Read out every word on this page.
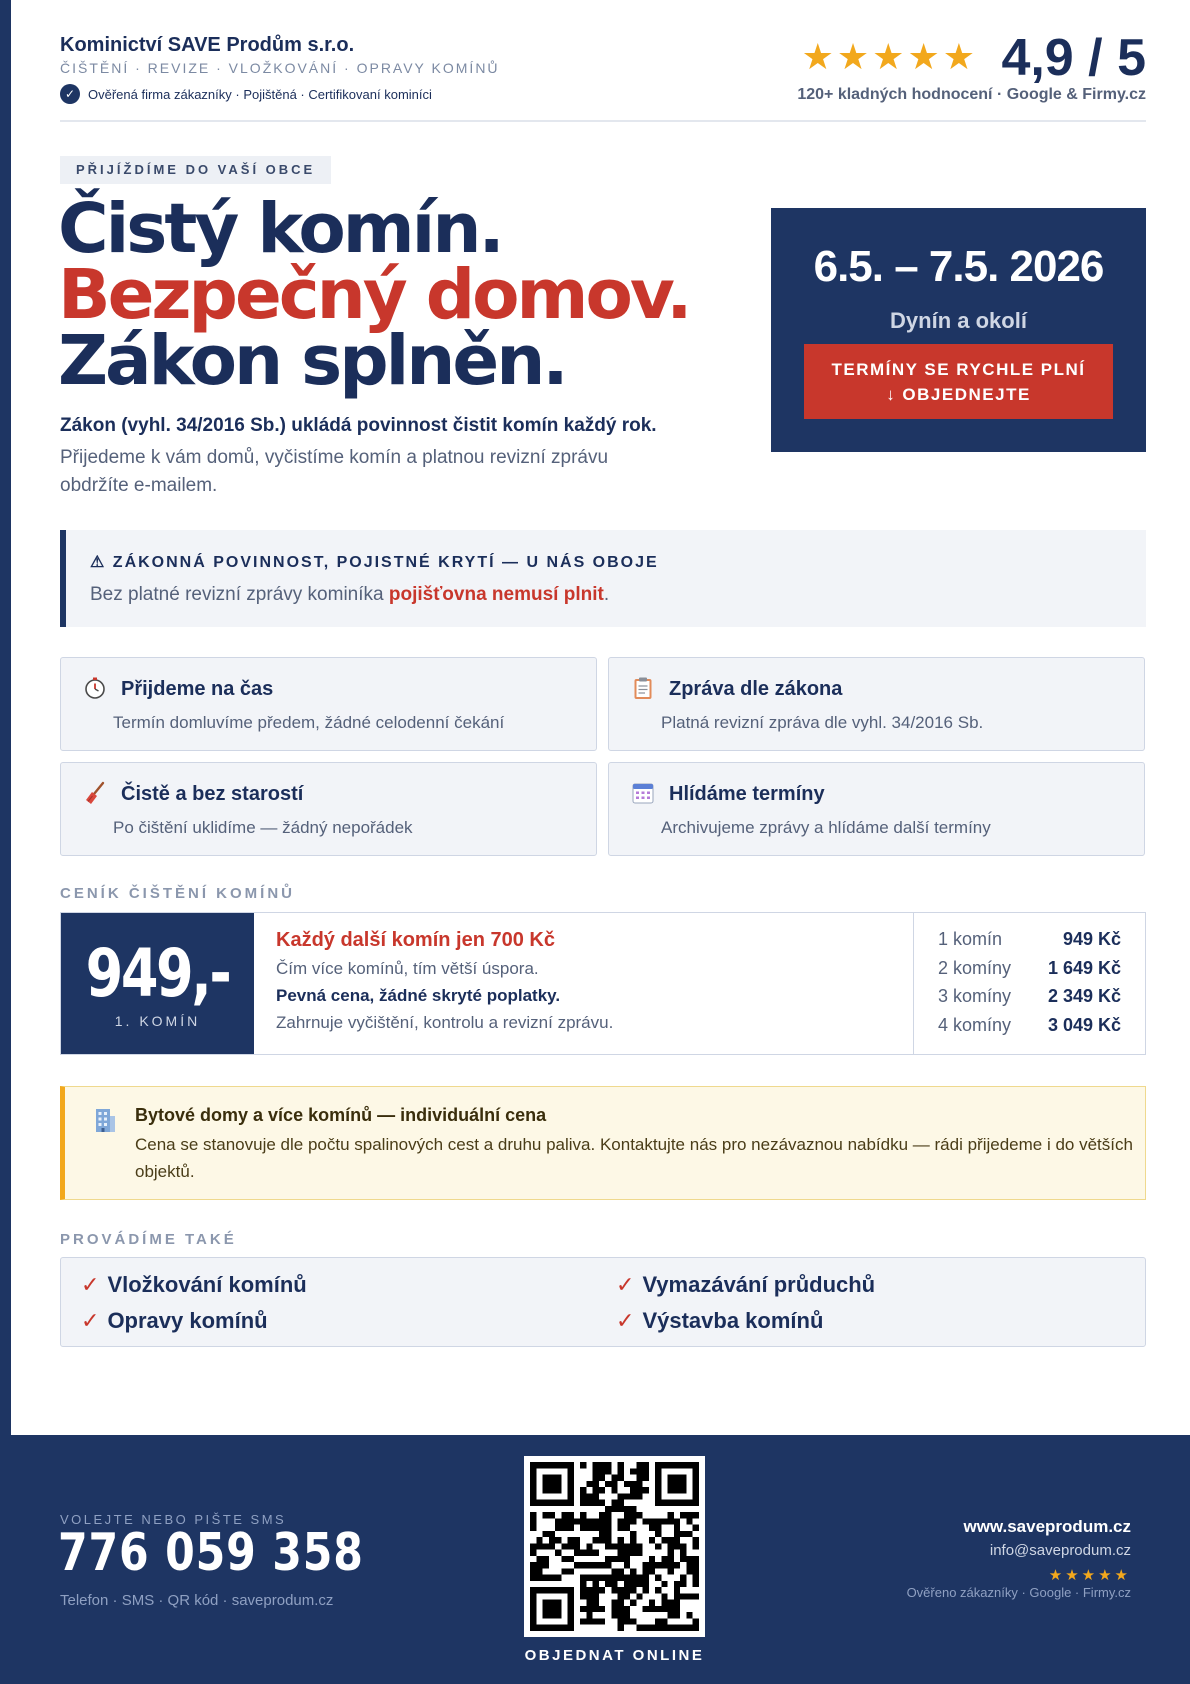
Kominictví SAVE Prodům s.r.o.
ČIŠTĚNÍ · REVIZE · VLOŽKOVÁNÍ · OPRAVY KOMÍNŮ
✓ Ověřená firma zákazníky · Pojištěná · Certifikovaní kominíci
★★★★★ 4,9 / 5
120+ kladných hodnocení · Google & Firmy.cz
PŘIJÍŽDÍME DO VAŠÍ OBCE
Čistý komín.
Bezpečný domov.
Zákon splněn.
Zákon (vyhl. 34/2016 Sb.) ukládá povinnost čistit komín každý rok.
Přijedeme k vám domů, vyčistíme komín a platnou revizní zprávu obdržíte e-mailem.
6.5. – 7.5. 2026
Dynín a okolí
TERMÍNY SE RYCHLE PLNÍ
↓ OBJEDNEJTE
⚠ ZÁKONNÁ POVINNOST, POJISTNÉ KRYTÍ — U NÁS OBOJE
Bez platné revizní zprávy kominíka pojišťovna nemusí plnit.
Přijdeme na čas
Termín domluvíme předem, žádné celodenní čekání
Zpráva dle zákona
Platná revizní zpráva dle vyhl. 34/2016 Sb.
Čistě a bez starostí
Po čištění uklidíme — žádný nepořádek
Hlídáme termíny
Archivujeme zprávy a hlídáme další termíny
CENÍK ČIŠTĚNÍ KOMÍNŮ
949,-
1. KOMÍN
Každý další komín jen 700 Kč
Čím více komínů, tím větší úspora.
Pevná cena, žádné skryté poplatky.
Zahrnuje vyčištění, kontrolu a revizní zprávu.
1 komín	949 Kč
2 komíny 1 649 Kč
3 komíny 2 349 Kč
4 komíny 3 049 Kč
Bytové domy a více komínů — individuální cena
Cena se stanovuje dle počtu spalinových cest a druhu paliva. Kontaktujte nás pro nezávaznou nabídku — rádi přijedeme i do větších objektů.
PROVÁDÍME TAKÉ
✓ Vložkování komínů	✓ Vymazávání průduchů
✓ Opravy komínů	✓ Výstavba komínů
VOLEJTE NEBO PIŠTE SMS
776 059 358
Telefon · SMS · QR kód · saveprodum.cz
OBJEDNAT ONLINE
www.saveprodum.cz
info@saveprodum.cz
★★★★★
Ověřeno zákazníky · Google · Firmy.cz
